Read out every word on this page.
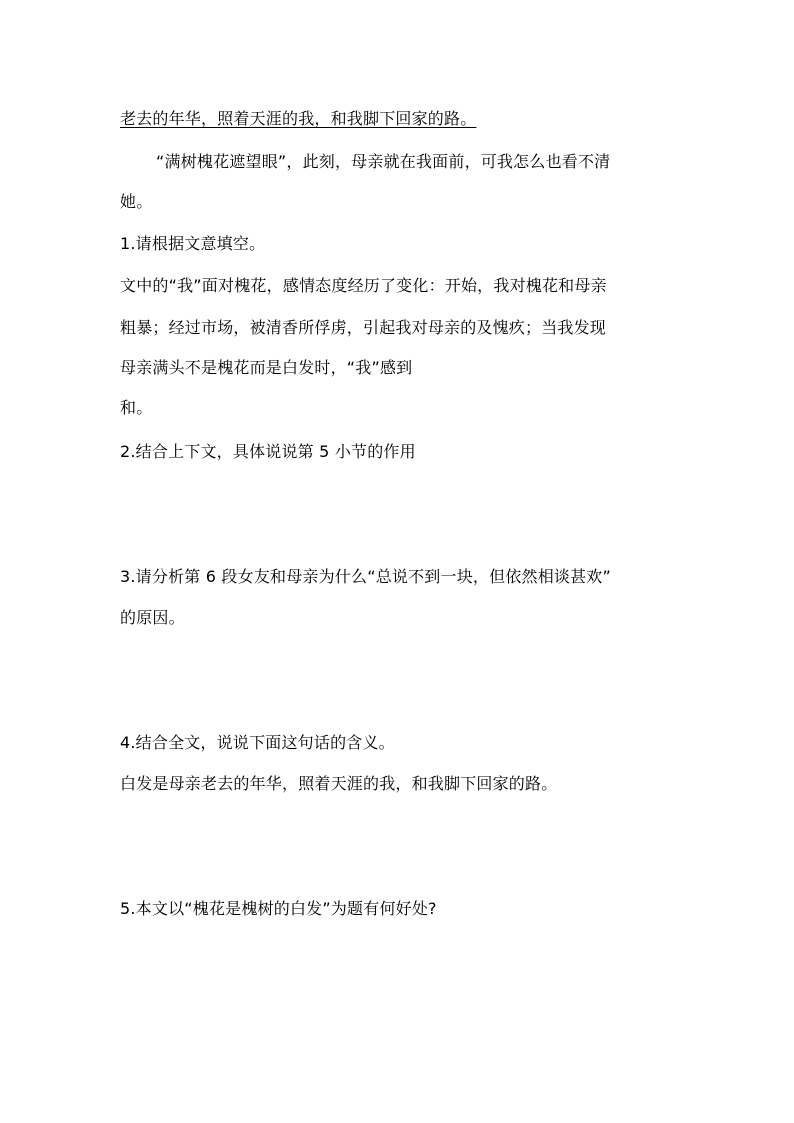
老去的年华，照着天涯的我，和我脚下回家的路。
“满树槐花遮望眼”，此刻，母亲就在我面前，可我怎么也看不清
她。
1.请根据文意填空。
文中的“我”面对槐花，感情态度经历了变化：开始，我对槐花和母亲
粗暴；经过市场，被清香所俘虏，引起我对母亲的及愧疚；当我发现
母亲满头不是槐花而是白发时，“我”感到
和。
2.结合上下文，具体说说第 5 小节的作用
3.请分析第 6 段女友和母亲为什么“总说不到一块，但依然相谈甚欢”
的原因。
4.结合全文，说说下面这句话的含义。
白发是母亲老去的年华，照着天涯的我，和我脚下回家的路。
5.本文以“槐花是槐树的白发”为题有何好处?
